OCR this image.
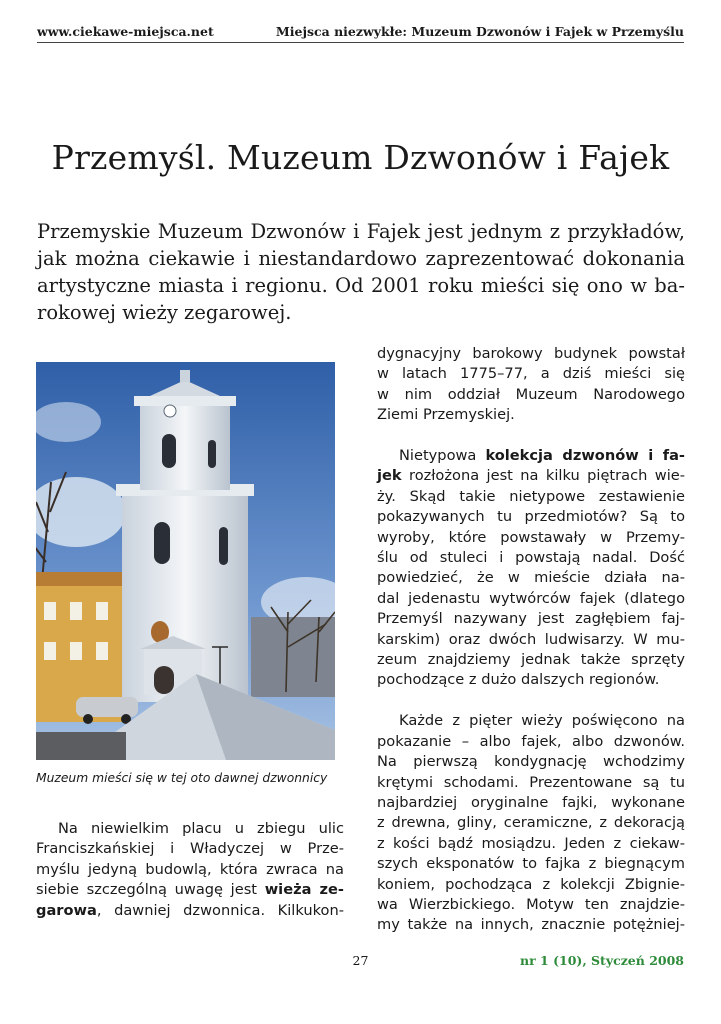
www.ciekawe-miejsca.net	Miejsca niezwykłe: Muzeum Dzwonów i Fajek w Przemyślu
Przemyśl. Muzeum Dzwonów i Fajek

Przemyskie Muzeum Dzwonów i Fajek jest jednym z przykładów,
jak można ciekawie i niestandardowo zaprezentować dokonania
artystyczne miasta i regionu. Od 2001 roku mieści się ono w ba-
rokowej wieży zegarowej.

Muzeum mieści się w tej oto dawnej dzwonnicy

Na niewielkim placu u zbiegu ulic
Franciszkańskiej i Władyczej w Prze-
myślu jedyną budowlą, która zwraca na
siebie szczególną uwagę jest wieża ze-
garowa, dawniej dzwonnica. Kilkukon-
dygnacyjny barokowy budynek powstał
w latach 1775–77, a dziś mieści się
w nim oddział Muzeum Narodowego
Ziemi Przemyskiej.
Nietypowa kolekcja dzwonów i fa-
jek rozłożona jest na kilku piętrach wie-
ży. Skąd takie nietypowe zestawienie
pokazywanych tu przedmiotów? Są to
wyroby, które powstawały w Przemy-
ślu od stuleci i powstają nadal. Dość
powiedzieć, że w mieście działa na-
dal jedenastu wytwórców fajek (dlatego
Przemyśl nazywany jest zagłębiem faj-
karskim) oraz dwóch ludwisarzy. W mu-
zeum znajdziemy jednak także sprzęty
pochodzące z dużo dalszych regionów.
Każde z pięter wieży poświęcono na
pokazanie – albo fajek, albo dzwonów.
Na pierwszą kondygnację wchodzimy
krętymi schodami. Prezentowane są tu
najbardziej oryginalne fajki, wykonane
z drewna, gliny, ceramiczne, z dekoracją
z kości bądź mosiądzu. Jeden z ciekaw-
szych eksponatów to fajka z biegnącym
koniem, pochodząca z kolekcji Zbignie-
wa Wierzbickiego. Motyw ten znajdzie-
my także na innych, znacznie potężniej-
27	nr 1 (10), Styczeń 2008
